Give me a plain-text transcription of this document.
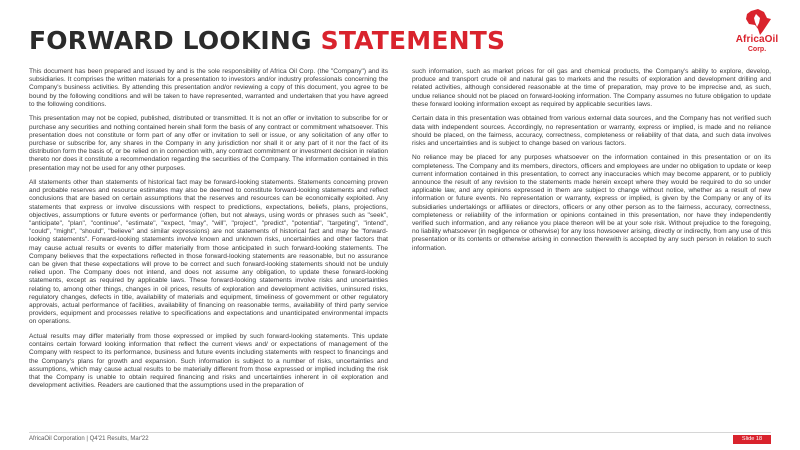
FORWARD LOOKING STATEMENTS	AfricaOil
Corp.

This document has been prepared and issued by and is the sole responsibility of Africa Oil Corp. (the "Company") and its subsidiaries. It comprises the written materials for a presentation to investors and/or industry professionals concerning the Company's business activities. By attending this presentation and/or reviewing a copy of this document, you agree to be bound by the following conditions and will be taken to have represented, warranted and undertaken that you have agreed to the following conditions.

This presentation may not be copied, published, distributed or transmitted. It is not an offer or invitation to subscribe for or purchase any securities and nothing contained herein shall form the basis of any contract or commitment whatsoever. This presentation does not constitute or form part of any offer or invitation to sell or issue, or any solicitation of any offer to purchase or subscribe for, any shares in the Company in any jurisdiction nor shall it or any part of it nor the fact of its distribution form the basis of, or be relied on in connection with, any contract commitment or investment decision in relation thereto nor does it constitute a recommendation regarding the securities of the Company. The information contained in this presentation may not be used for any other purposes.

All statements other than statements of historical fact may be forward-looking statements. Statements concerning proven and probable reserves and resource estimates may also be deemed to constitute forward-looking statements and reflect conclusions that are based on certain assumptions that the reserves and resources can be economically exploited. Any statements that express or involve discussions with respect to predictions, expectations, beliefs, plans, projections, objectives, assumptions or future events or performance (often, but not always, using words or phrases such as "seek", "anticipate", "plan", "continue", "estimate", "expect, "may", "will", "project", "predict", "potential", "targeting", "intend", "could", "might", "should", "believe" and similar expressions) are not statements of historical fact and may be "forward-looking statements". Forward-looking statements involve known and unknown risks, uncertainties and other factors that may cause actual results or events to differ materially from those anticipated in such forward-looking statements. The Company believes that the expectations reflected in those forward-looking statements are reasonable, but no assurance can be given that these expectations will prove to be correct and such forward-looking statements should not be unduly relied upon. The Company does not intend, and does not assume any obligation, to update these forward-looking statements, except as required by applicable laws. These forward-looking statements involve risks and uncertainties relating to, among other things, changes in oil prices, results of exploration and development activities, uninsured risks, regulatory changes, defects in title, availability of materials and equipment, timeliness of government or other regulatory approvals, actual performance of facilities, availability of financing on reasonable terms, availability of third party service providers, equipment and processes relative to specifications and expectations and unanticipated environmental impacts on operations.

Actual results may differ materially from those expressed or implied by such forward-looking statements. This update contains certain forward looking information that reflect the current views and/ or expectations of management of the Company with respect to its performance, business and future events including statements with respect to financings and the Company's plans for growth and expansion. Such information is subject to a number of risks, uncertainties and assumptions, which may cause actual results to be materially different from those expressed or implied including the risk that the Company is unable to obtain required financing and risks and uncertainties inherent in oil exploration and development activities. Readers are cautioned that the assumptions used in the preparation of

such information, such as market prices for oil gas and chemical products, the Company's ability to explore, develop, produce and transport crude oil and natural gas to markets and the results of exploration and development drilling and related activities, although considered reasonable at the time of preparation, may prove to be imprecise and, as such, undue reliance should not be placed on forward-looking information. The Company assumes no future obligation to update these forward looking information except as required by applicable securities laws.

Certain data in this presentation was obtained from various external data sources, and the Company has not verified such data with independent sources. Accordingly, no representation or warranty, express or implied, is made and no reliance should be placed, on the fairness, accuracy, correctness, completeness or reliability of that data, and such data involves risks and uncertainties and is subject to change based on various factors.

No reliance may be placed for any purposes whatsoever on the information contained in this presentation or on its completeness. The Company and its members, directors, officers and employees are under no obligation to update or keep current information contained in this presentation, to correct any inaccuracies which may become apparent, or to publicly announce the result of any revision to the statements made herein except where they would be required to do so under applicable law, and any opinions expressed in them are subject to change without notice, whether as a result of new information or future events. No representation or warranty, express or implied, is given by the Company or any of its subsidiaries undertakings or affiliates or directors, officers or any other person as to the fairness, accuracy, correctness, completeness or reliability of the information or opinions contained in this presentation, nor have they independently verified such information, and any reliance you place thereon will be at your sole risk. Without prejudice to the foregoing, no liability whatsoever (in negligence or otherwise) for any loss howsoever arising, directly or indirectly, from any use of this presentation or its contents or otherwise arising in connection therewith is accepted by any such person in relation to such information.

AfricaOil Corporation | Q4'21 Results, Mar'22	Slide 18
